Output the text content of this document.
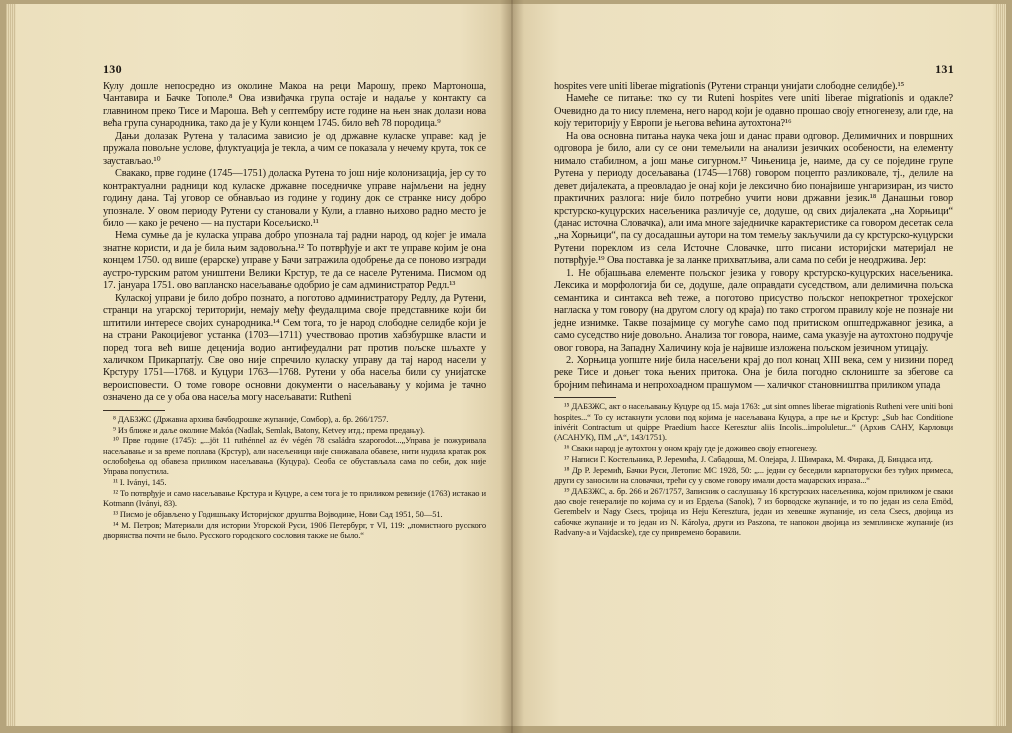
130

Кулу дошле непосредно из околине Макоа на реци Марошу, преко Мартоноша, Чантавира и Бачке Тополе.⁸ Ова извиђачка група остаје и надаље у контакту са главнином преко Тисе и Мароша. Већ у септембру исте године на њен знак долази нова већа група сународника, тако да је у Кули концем 1745. било већ 78 породица.⁹

Дањи долазак Рутена у таласима зависио је од државне куласке управе: кад је пружала повољне услове, флуктуација је текла, а чим се показала у нечему крута, ток се заустављао.¹⁰

Свакако, прве године (1745—1751) доласка Рутена то још није колонизација, јер су то контрактуални радници код куласке државне поседничке управе најмљени на једну годину дана. Тај уговор се обнављао из године у годину док се странке нису добро упознале. У овом периоду Рутени су становали у Кули, а главно њихово радно место је било — како је речено — на пустари Косељиско.¹¹

Нема сумње да је куласка управа добро упознала тај радни народ, од којег је имала знатне користи, и да је била њим задовољна.¹² То потврђује и акт те управе којим је она концем 1750. од више (ерарске) управе у Бачи затражила одобрење да се поново изгради аустро-турским ратом уништени Велики Крстур, те да се населе Рутенима. Писмом од 17. јануара 1751. ово вапланско насељавање одобрио је сам администратор Редл.¹³

Кулаској управи је било добро познато, а поготово администратору Редлу, да Рутени, странци на угарској територији, немају међу феудалцима своје представнике који би штитили интересе својих сународника.¹⁴ Сем тога, то је народ слободне селидбе који је на страни Ракоцијевог устанка (1703—1711) учествовао против хабзбуршке власти и поред тога већ више деценија водио антифеудални рат против пољске шљахте у халичком Прикарпатју. Све ово није спречило куласку управу да тај народ насели у Крстуру 1751—1768. и Куцури 1763—1768. Рутени у оба насеља били су унијатске вероисповести. О томе говоре основни документи о насељавању у којима је тачно означено да се у оба ова насеља могу насељавати: Rutheni

⁸ ДАБЗЖС (Државна архива бачбодрошке жупаније, Сомбор), а. бр. 266/1757.

⁹ Из ближе и даље околине Makóa (Nadlak, Semlak, Batony, Ketvey итд.; према предању).

¹⁰ Прве године (1745): „...jöt 11 ruthénnel az év végén 78 családra szaporodot...„Управа је пожуривала насељавање и за време поплава (Крстур), али насељеници није снижавала обавезе, нити нудила кратак рок ослобођења од обавеза приликом насељавања (Куцура). Сеоба се обустављала сама по себи, док није Управа попустила.

¹¹ I. Iványi, 145.

¹² То потврђује и само насељавање Крстура и Куцуре, а сем тога је то приликом ревизије (1763) истакао и Kotmann (Iványi, 83).

¹³ Писмо је објављено у Годишњаку Историјског друштва Војводине, Нови Сад 1951, 50—51.

¹⁴ М. Петров; Материали для истории Угорской Руси, 1906 Петербург, т VI, 119: „помистного русского дворянства почти не было. Русского городского сословия также не было.“

131

hospites vere uniti liberae migrationis (Рутени странци унијати слободне селидбе).¹⁵

Намеће се питање: тко су ти Ruteni hospites vere uniti liberae migrationis и одакле? Очевидно да то нису племена, него народ који је одавно прошао своју етногенезу, али где, на коју територију у Европи је његова већина аутохтона?¹⁶

На ова основна питања наука чека још и данас прави одговор. Делимичних и површних одговора је било, али су се они темељили на анализи језичких особености, на елементу нимало стабилном, а још мање сигурном.¹⁷ Чињеница је, наиме, да су се поједине групе Рутена у периоду досељавања (1745—1768) говором поцепто разликовале, тј., делиле на девет дијалеката, а преовладао је онај који је лексично био понајвише унгаризиран, из чисто практичних разлога: није било потребно учити нови државни језик.¹⁸ Данашњи говор крстурско-куцурских насељеника различује се, додуше, од свих дијалеката „на Хорњици“ (данас источна Словачка), али има многе заједничке карактеристике са говором десетак села „на Хорњици“, па су досадашњи аутори на том темељу закључили да су крстурско-куцурски Рутени пореклом из села Источне Словачке, што писани историјски материјал не потврђује.¹⁹ Ова поставка је за ланке прихватљива, али сама по себи је неодржива. Јер:

1. Не објашњава елементе пољског језика у говору крстурско-куцурских насељеника. Лексика и морфологија би се, додуше, дале оправдати суседством, али делимична пољска семантика и синтакса већ теже, а поготово присуство пољског непокретног трохејског нагласка у том говору (на другом слогу од краја) по тако строгом правилу које не познаје ни једне изнимке. Такве позајмице су могуће само под притиском општедржавног језика, а само суседство није довољно. Анализа тог говора, наиме, сама указује на аутохтоно подручје овог говора, на Западну Халичину која је највише изложена пољском језичном утицају.

2. Хорњица уопште није била насељени крај до пол конац XIII века, сем у низини поред реке Тисе и доњег тока њених притока. Она је била погодно склониште за збегове са бројним пећинама и непрохоадном прашумом — халичког становништва приликом упада

¹⁵ ДАБЗЖС, акт о насељавању Куцуре од 15. маја 1763: „ut sint omnes liberae migrationis Rutheni vere uniti boni hospites...“ То су истакнути услови под којима је насељавана Куцура, а пре ње и Крстур: „Sub hac Conditione inivérit Contractum ut quippe Praedium hacce Keresztur aliis Incolis...impoluletur...“ (Архив САНУ, Карловци (АСАНУК), ПМ „А“, 143/1751).

¹⁶ Сваки народ је аутохтон у оном крају где је доживео своју етногенезу.

¹⁷ Написи Г. Костельника, Р. Јеремића, Ј. Сабадоша, М. Олејара, Ј. Шимрака, М. Фирака, Д. Биндаса итд.

¹⁸ Др Р. Јеремић, Бачки Руси, Летопис МС 1928, 50: „... једни су беседили карпаторуски без туђих примеса, други су заносили на словачки, трећи су у своме говору имали доста маџарских израза...“

¹⁹ ДАБЗЖС, а. бр. 266 и 267/1757, Записник о саслушању 16 крстурских насељеника, којом приликом је сваки дао своје генералије по којима су и из Ердеља (Sаnok), 7 из борводске жупаније, и то по један из села Emöd, Gerembelv и Nagy Csecs, тројица из Heju Keresztura, један из хевешке жупаније, из села Csecs, двојица из сабочке жупаније и то један из N. Károlya, други из Paszona, те напокон двојица из земплинске жупаније (из Radvany-a и Vajdacske), где су привремено боравили.
